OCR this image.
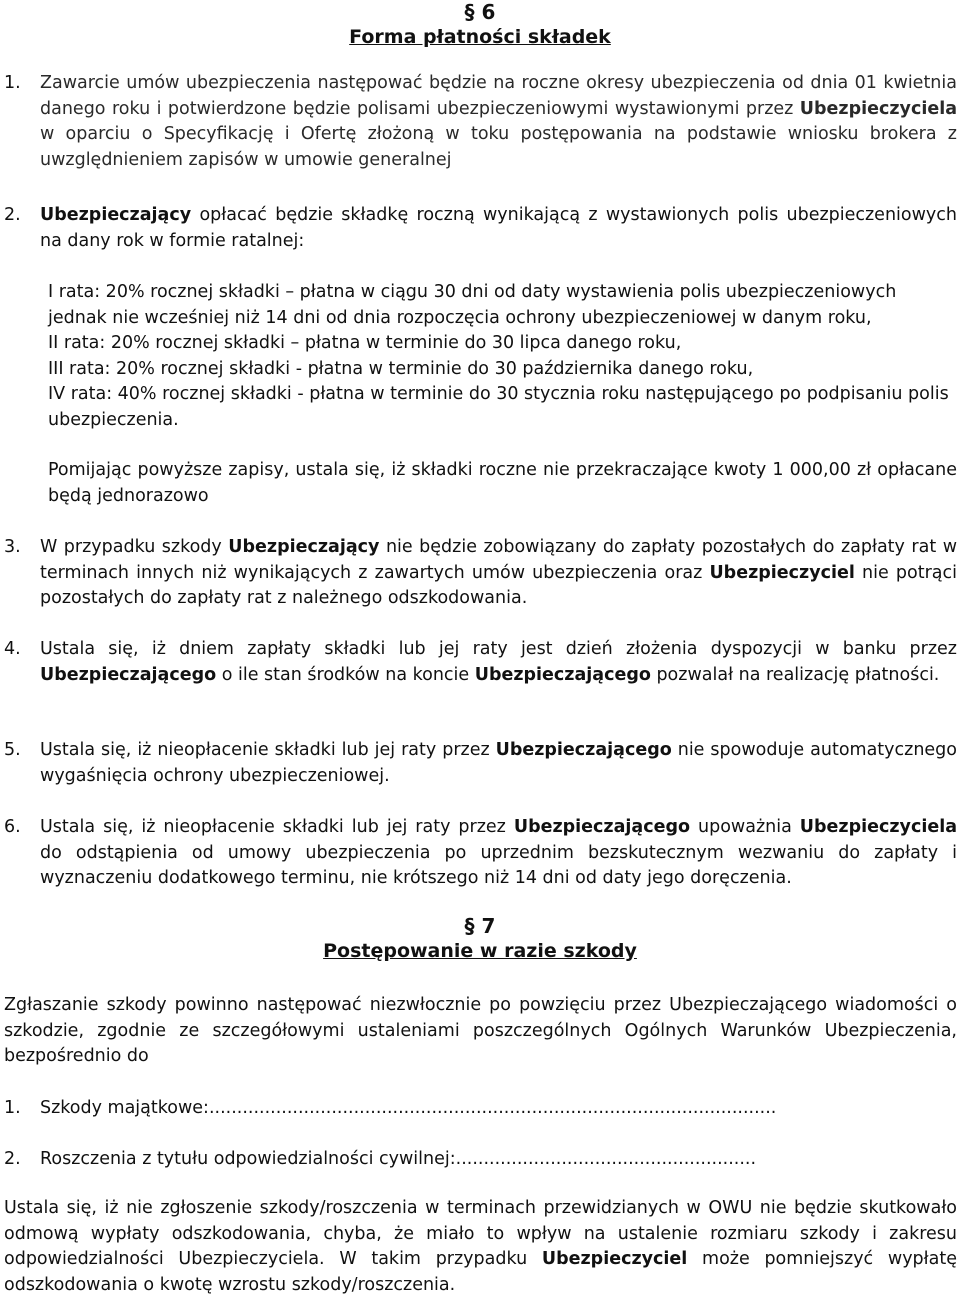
§ 6
Forma płatności składek
1. Zawarcie umów ubezpieczenia następować będzie na roczne okresy ubezpieczenia od dnia 01 kwietnia danego roku i potwierdzone będzie polisami ubezpieczeniowymi wystawionymi przez Ubezpieczyciela w oparciu o Specyfikację i Ofertę złożoną w toku postępowania na podstawie wniosku brokera z uwzględnieniem zapisów w umowie generalnej
2. Ubezpieczający opłacać będzie składkę roczną wynikającą z wystawionych polis ubezpieczeniowych na dany rok w formie ratalnej:
I rata: 20% rocznej składki – płatna w ciągu 30 dni od daty wystawienia polis ubezpieczeniowych jednak nie wcześniej niż 14 dni od dnia rozpoczęcia ochrony ubezpieczeniowej w danym roku,
II rata: 20% rocznej składki – płatna w terminie do 30 lipca danego roku,
III rata: 20% rocznej składki - płatna w terminie do 30 października danego roku,
IV rata: 40% rocznej składki - płatna w terminie do 30 stycznia roku następującego po podpisaniu polis ubezpieczenia.
Pomijając powyższe zapisy, ustala się, iż składki roczne nie przekraczające kwoty 1 000,00 zł opłacane będą jednorazowo
3. W przypadku szkody Ubezpieczający nie będzie zobowiązany do zapłaty pozostałych do zapłaty rat w terminach innych niż wynikających z zawartych umów ubezpieczenia oraz Ubezpieczyciel nie potrąci pozostałych do zapłaty rat z należnego odszkodowania.
4. Ustala się, iż dniem zapłaty składki lub jej raty jest dzień złożenia dyspozycji w banku przez Ubezpieczającego o ile stan środków na koncie Ubezpieczającego pozwalał na realizację płatności.
5. Ustala się, iż nieopłacenie składki lub jej raty przez Ubezpieczającego nie spowoduje automatycznego wygaśnięcia ochrony ubezpieczeniowej.
6. Ustala się, iż nieopłacenie składki lub jej raty przez Ubezpieczającego upoważnia Ubezpieczyciela do odstąpienia od umowy ubezpieczenia po uprzednim bezskutecznym wezwaniu do zapłaty i wyznaczeniu dodatkowego terminu, nie krótszego niż 14 dni od daty jego doręczenia.
§ 7
Postępowanie w razie szkody
Zgłaszanie szkody powinno następować niezwłocznie po powzięciu przez Ubezpieczającego wiadomości o szkodzie, zgodnie ze szczegółowymi ustaleniami poszczególnych Ogólnych Warunków Ubezpieczenia, bezpośrednio do
1. Szkody majątkowe:......................................................................................................
2. Roszczenia z tytułu odpowiedzialności cywilnej:......................................................
Ustala się, iż nie zgłoszenie szkody/roszczenia w terminach przewidzianych w OWU nie będzie skutkowało odmową wypłaty odszkodowania, chyba, że miało to wpływ na ustalenie rozmiaru szkody i zakresu odpowiedzialności Ubezpieczyciela. W takim przypadku Ubezpieczyciel może pomniejszyć wypłatę odszkodowania o kwotę wzrostu szkody/roszczenia.
